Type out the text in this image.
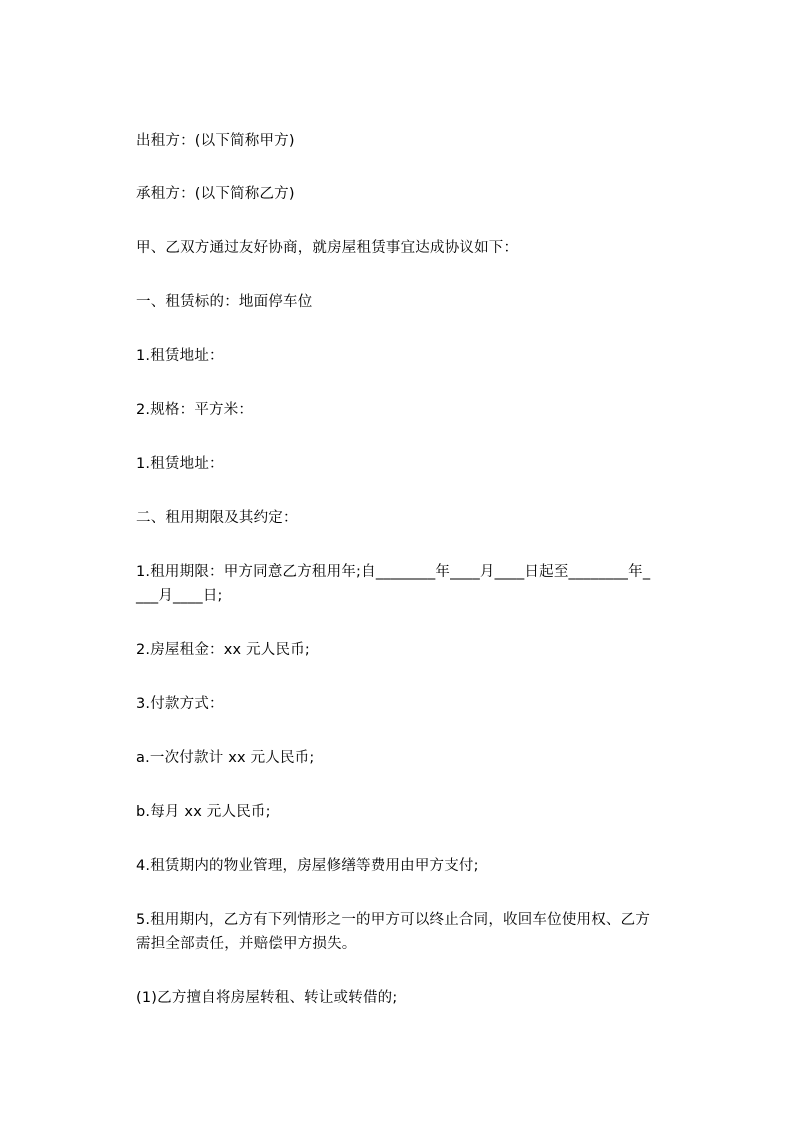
出租方：(以下简称甲方)

承租方：(以下简称乙方)

甲、乙双方通过友好协商，就房屋租赁事宜达成协议如下：

一、租赁标的：地面停车位

1.租赁地址：

2.规格：平方米：

1.租赁地址：

二、租用期限及其约定：

1.租用期限：甲方同意乙方租用年;自________年____月____日起至________年_

___月____日;

2.房屋租金：xx 元人民币;

3.付款方式：

a.一次付款计 xx 元人民币;

b.每月 xx 元人民币;

4.租赁期内的物业管理，房屋修缮等费用由甲方支付;

5.租用期内，乙方有下列情形之一的甲方可以终止合同，收回车位使用权、乙方

需担全部责任，并赔偿甲方损失。

(1)乙方擅自将房屋转租、转让或转借的;
